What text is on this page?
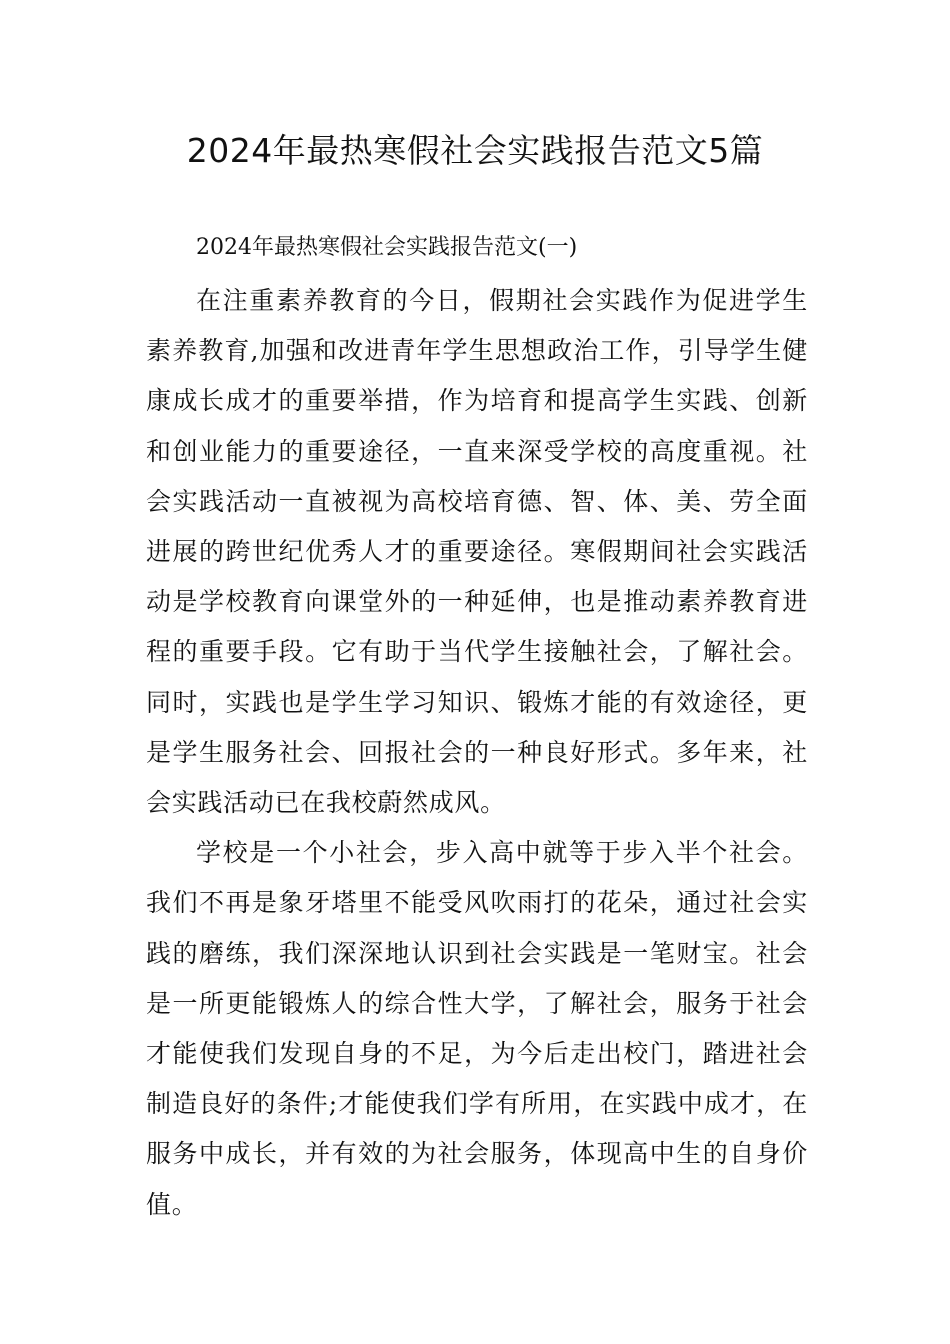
2024年最热寒假社会实践报告范文5篇
2024年最热寒假社会实践报告范文(一)

在注重素养教育的今日，假期社会实践作为促进学生素养教育,加强和改进青年学生思想政治工作，引导学生健康成长成才的重要举措，作为培育和提高学生实践、创新和创业能力的重要途径，一直来深受学校的高度重视。社会实践活动一直被视为高校培育德、智、体、美、劳全面进展的跨世纪优秀人才的重要途径。寒假期间社会实践活动是学校教育向课堂外的一种延伸，也是推动素养教育进程的重要手段。它有助于当代学生接触社会，了解社会。同时，实践也是学生学习知识、锻炼才能的有效途径，更是学生服务社会、回报社会的一种良好形式。多年来，社会实践活动已在我校蔚然成风。

学校是一个小社会，步入高中就等于步入半个社会。我们不再是象牙塔里不能受风吹雨打的花朵，通过社会实践的磨练，我们深深地认识到社会实践是一笔财宝。社会是一所更能锻炼人的综合性大学，了解社会，服务于社会才能使我们发现自身的不足，为今后走出校门，踏进社会制造良好的条件;才能使我们学有所用，在实践中成才，在服务中成长，并有效的为社会服务，体现高中生的自身价值。
